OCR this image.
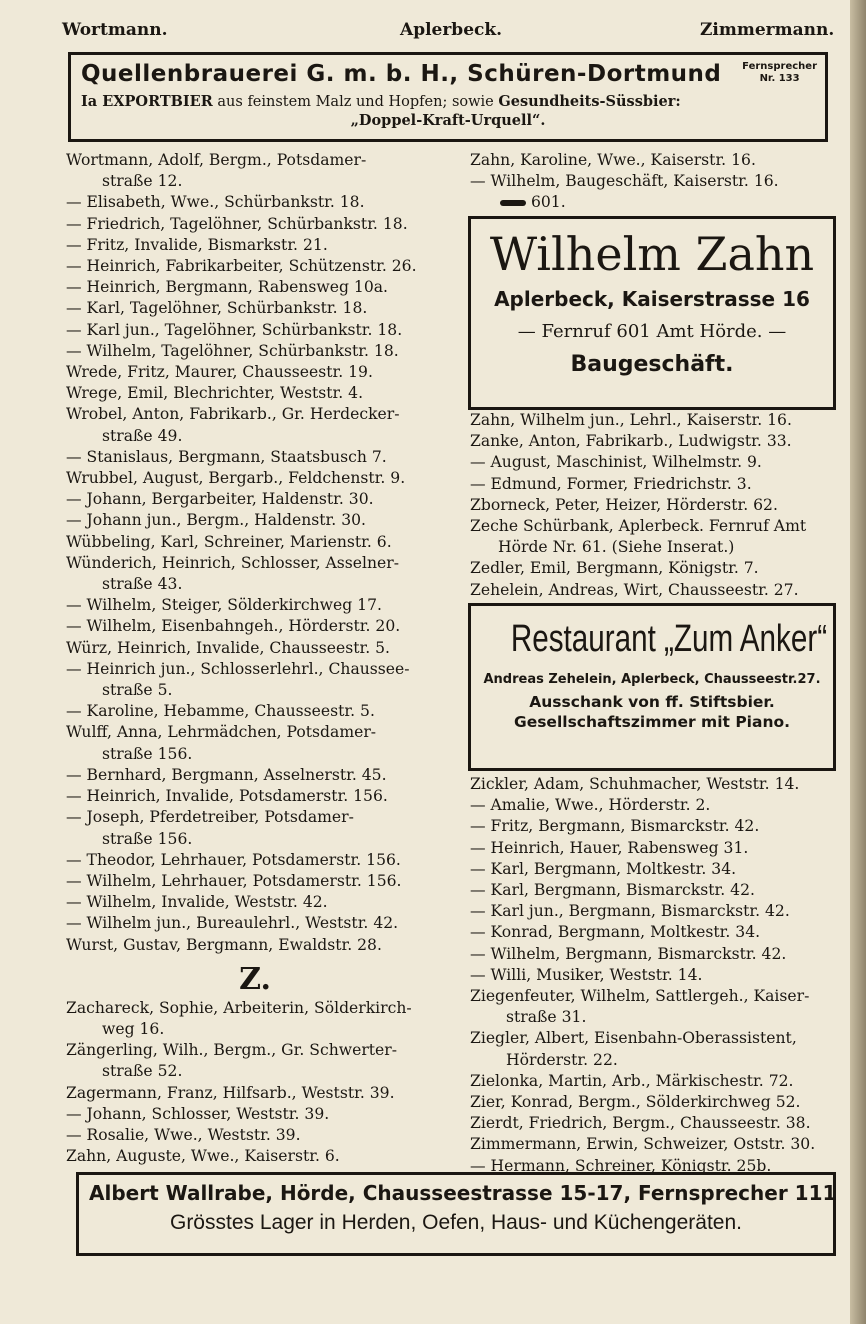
Wortmann.	Aplerbeck.	Zimmermann.
Quellenbrauerei G. m. b. H., Schüren-Dortmund	Fernsprecher
Nr. 133
Ia EXPORTBIER aus feinstem Malz und Hopfen; sowie Gesundheits-Süssbier:
„Doppel-Kraft-Urquell“.
Wortmann, Adolf, Bergm., Potsdamer-
straße 12.
— Elisabeth, Wwe., Schürbankstr. 18.
— Friedrich, Tagelöhner, Schürbankstr. 18.
— Fritz, Invalide, Bismarkstr. 21.
— Heinrich, Fabrikarbeiter, Schützenstr. 26.
— Heinrich, Bergmann, Rabensweg 10a.
— Karl, Tagelöhner, Schürbankstr. 18.
— Karl jun., Tagelöhner, Schürbankstr. 18.
— Wilhelm, Tagelöhner, Schürbankstr. 18.
Wrede, Fritz, Maurer, Chausseestr. 19.
Wrege, Emil, Blechrichter, Weststr. 4.
Wrobel, Anton, Fabrikarb., Gr. Herdecker-
straße 49.
— Stanislaus, Bergmann, Staatsbusch 7.
Wrubbel, August, Bergarb., Feldchenstr. 9.
— Johann, Bergarbeiter, Haldenstr. 30.
— Johann jun., Bergm., Haldenstr. 30.
Wübbeling, Karl, Schreiner, Marienstr. 6.
Wünderich, Heinrich, Schlosser, Asselner-
straße 43.
— Wilhelm, Steiger, Sölderkirchweg 17.
— Wilhelm, Eisenbahngeh., Hörderstr. 20.
Würz, Heinrich, Invalide, Chausseestr. 5.
— Heinrich jun., Schlosserlehrl., Chaussee-
straße 5.
— Karoline, Hebamme, Chausseestr. 5.
Wulff, Anna, Lehrmädchen, Potsdamer-
straße 156.
— Bernhard, Bergmann, Asselnerstr. 45.
— Heinrich, Invalide, Potsdamerstr. 156.
— Joseph, Pferdetreiber, Potsdamer-
straße 156.
— Theodor, Lehrhauer, Potsdamerstr. 156.
— Wilhelm, Lehrhauer, Potsdamerstr. 156.
— Wilhelm, Invalide, Weststr. 42.
— Wilhelm jun., Bureaulehrl., Weststr. 42.
Wurst, Gustav, Bergmann, Ewaldstr. 28.
Z.
Zachareck, Sophie, Arbeiterin, Sölderkirch-
weg 16.
Zängerling, Wilh., Bergm., Gr. Schwerter-
straße 52.
Zagermann, Franz, Hilfsarb., Weststr. 39.
— Johann, Schlosser, Weststr. 39.
— Rosalie, Wwe., Weststr. 39.
Zahn, Auguste, Wwe., Kaiserstr. 6.
Zahn, Karoline, Wwe., Kaiserstr. 16.
— Wilhelm, Baugeschäft, Kaiserstr. 16.
601.
Wilhelm Zahn
Aplerbeck, Kaiserstrasse 16
— Fernruf 601 Amt Hörde. —
Baugeschäft.
Zahn, Wilhelm jun., Lehrl., Kaiserstr. 16.
Zanke, Anton, Fabrikarb., Ludwigstr. 33.
— August, Maschinist, Wilhelmstr. 9.
— Edmund, Former, Friedrichstr. 3.
Zborneck, Peter, Heizer, Hörderstr. 62.
Zeche Schürbank, Aplerbeck. Fernruf Amt
Hörde Nr. 61. (Siehe Inserat.)
Zedler, Emil, Bergmann, Königstr. 7.
Zehelein, Andreas, Wirt, Chausseestr. 27.
Restaurant „Zum Anker“
Andreas Zehelein, Aplerbeck, Chausseestr.27.
Ausschank von ff. Stiftsbier.
Gesellschaftszimmer mit Piano.
Zickler, Adam, Schuhmacher, Weststr. 14.
— Amalie, Wwe., Hörderstr. 2.
— Fritz, Bergmann, Bismarckstr. 42.
— Heinrich, Hauer, Rabensweg 31.
— Karl, Bergmann, Moltkestr. 34.
— Karl, Bergmann, Bismarckstr. 42.
— Karl jun., Bergmann, Bismarckstr. 42.
— Konrad, Bergmann, Moltkestr. 34.
— Wilhelm, Bergmann, Bismarckstr. 42.
— Willi, Musiker, Weststr. 14.
Ziegenfeuter, Wilhelm, Sattlergeh., Kaiser-
straße 31.
Ziegler, Albert, Eisenbahn-Oberassistent,
Hörderstr. 22.
Zielonka, Martin, Arb., Märkischestr. 72.
Zier, Konrad, Bergm., Sölderkirchweg 52.
Zierdt, Friedrich, Bergm., Chausseestr. 38.
Zimmermann, Erwin, Schweizer, Oststr. 30.
— Hermann, Schreiner, Königstr. 25b.
Albert Wallrabe, Hörde, Chausseestrasse 15-17, Fernsprecher 111
Grösstes Lager in Herden, Oefen, Haus- und Küchengeräten.
